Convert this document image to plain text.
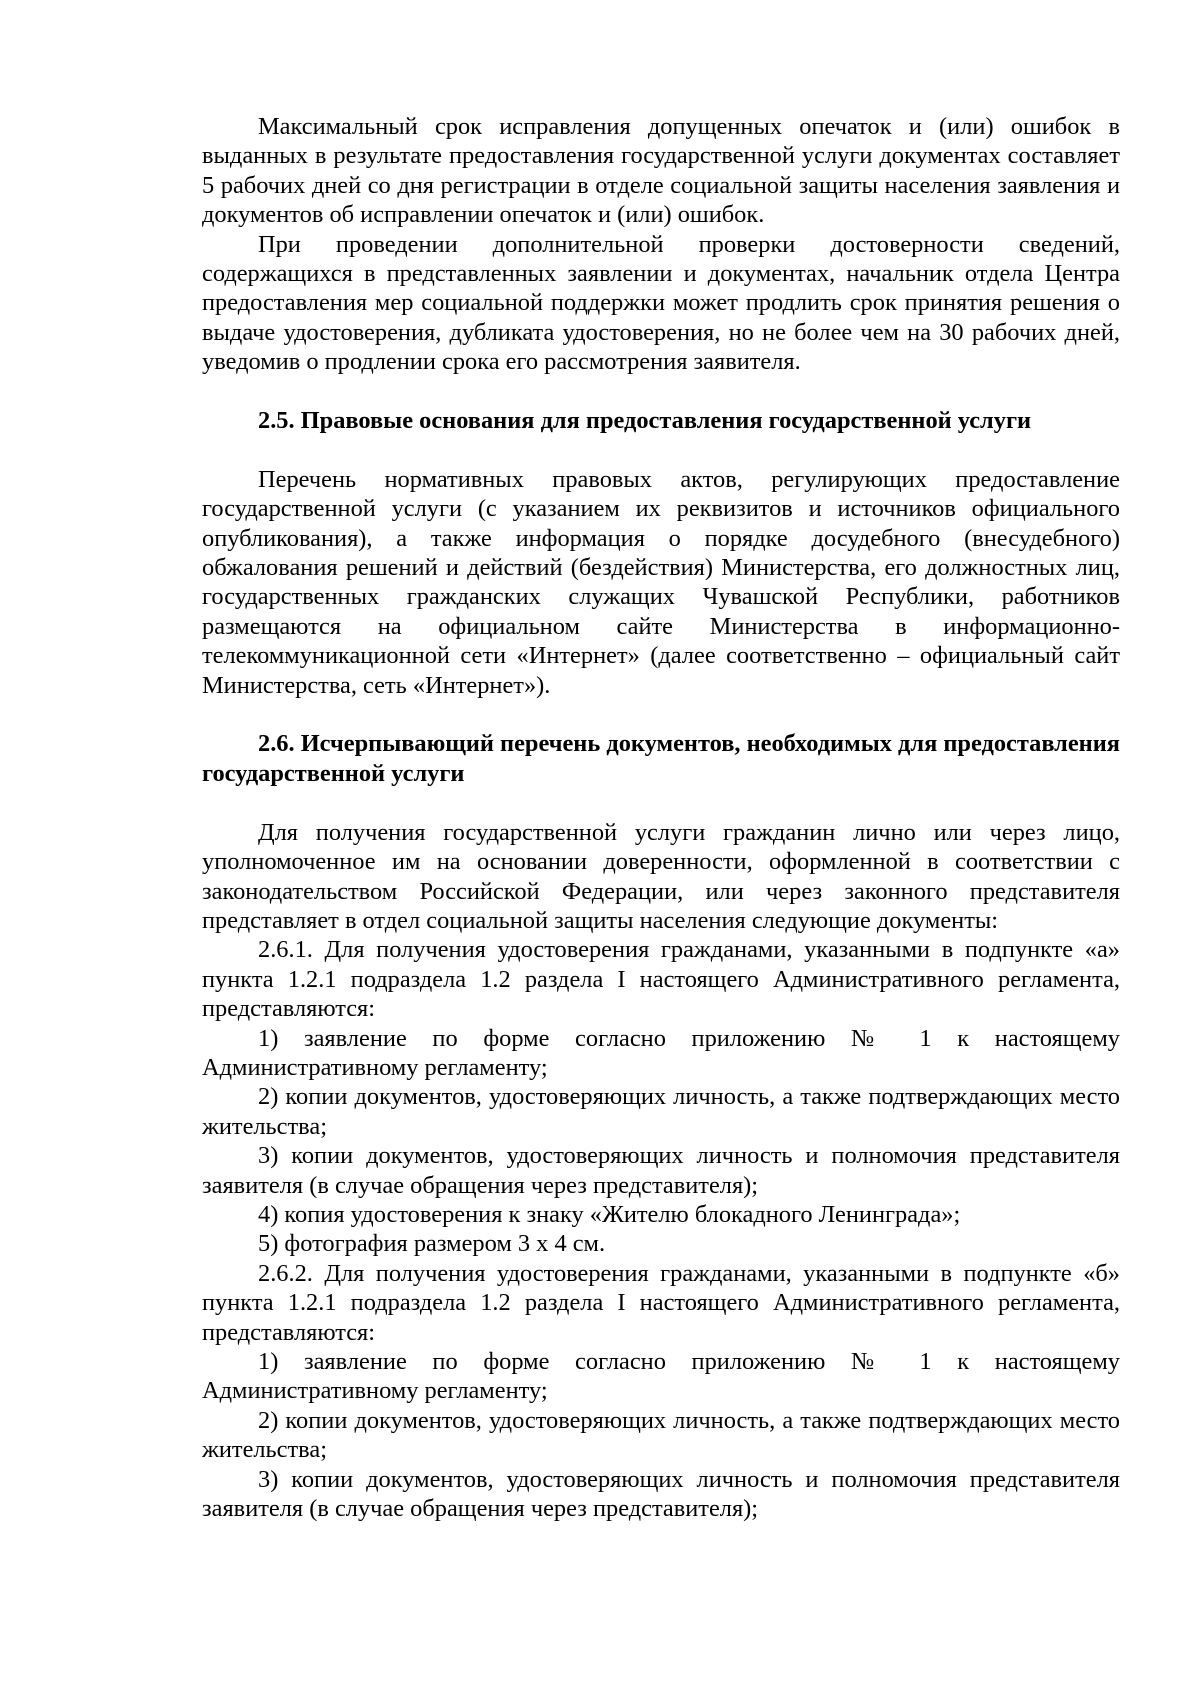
Максимальный срок исправления допущенных опечаток и (или) ошибок в выданных в результате предоставления государственной услуги документах составляет 5 рабочих дней со дня регистрации в отделе социальной защиты населения заявления и документов об исправлении опечаток и (или) ошибок.

При проведении дополнительной проверки достоверности сведений, содержащихся в представленных заявлении и документах, начальник отдела Центра предоставления мер социальной поддержки может продлить срок принятия решения о выдаче удостоверения, дубликата удостоверения, но не более чем на 30 рабочих дней, уведомив о продлении срока его рассмотрения заявителя.

2.5. Правовые основания для предоставления государственной услуги

Перечень нормативных правовых актов, регулирующих предоставление государственной услуги (с указанием их реквизитов и источников официального опубликования), а также информация о порядке досудебного (внесудебного) обжалования решений и действий (бездействия) Министерства, его должностных лиц, государственных гражданских служащих Чувашской Республики, работников размещаются на официальном сайте Министерства в информационно-телекоммуникационной сети «Интернет» (далее соответственно – официальный сайт Министерства, сеть «Интернет»).

2.6. Исчерпывающий перечень документов, необходимых для предоставления государственной услуги

Для получения государственной услуги гражданин лично или через лицо, уполномоченное им на основании доверенности, оформленной в соответствии с законодательством Российской Федерации, или через законного представителя представляет в отдел социальной защиты населения следующие документы:

2.6.1. Для получения удостоверения гражданами, указанными в подпункте «а» пункта 1.2.1 подраздела 1.2 раздела I настоящего Административного регламента, представляются:

1) заявление по форме согласно приложению № 1 к настоящему Административному регламенту;

2) копии документов, удостоверяющих личность, а также подтверждающих место жительства;

3) копии документов, удостоверяющих личность и полномочия представителя заявителя (в случае обращения через представителя);

4) копия удостоверения к знаку «Жителю блокадного Ленинграда»;

5) фотография размером 3 х 4 см.

2.6.2. Для получения удостоверения гражданами, указанными в подпункте «б» пункта 1.2.1 подраздела 1.2 раздела I настоящего Административного регламента, представляются:

1) заявление по форме согласно приложению № 1 к настоящему Административному регламенту;

2) копии документов, удостоверяющих личность, а также подтверждающих место жительства;

3) копии документов, удостоверяющих личность и полномочия представителя заявителя (в случае обращения через представителя);
